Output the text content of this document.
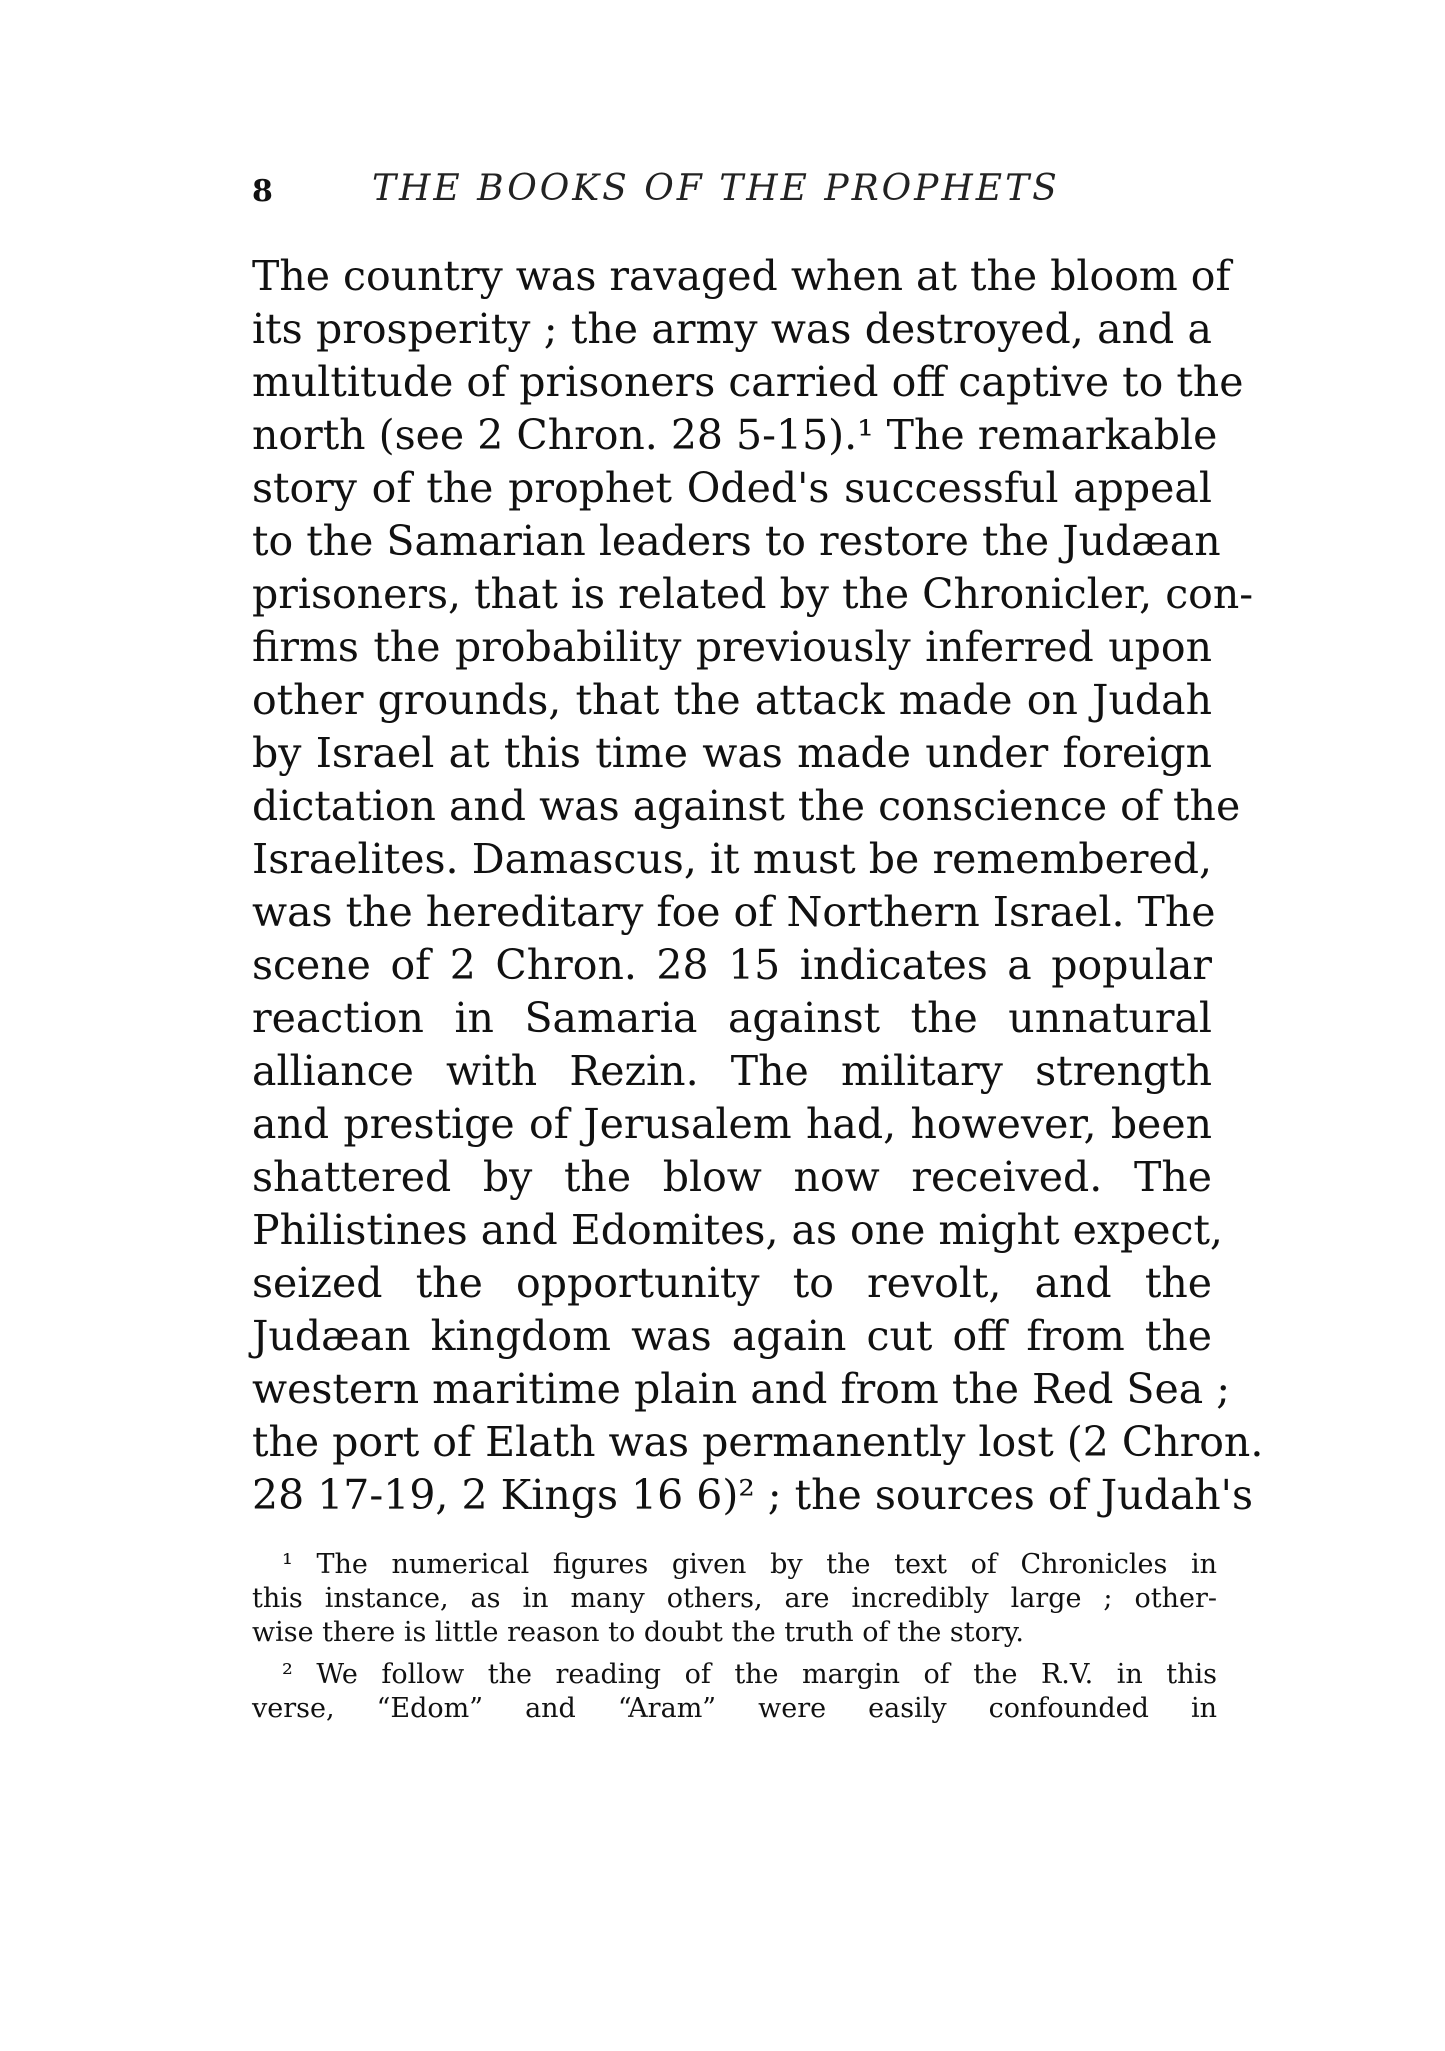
8	THE BOOKS OF THE PROPHETS
The country was ravaged when at the bloom of
its prosperity ; the army was destroyed, and a
multitude of prisoners carried off captive to the
north (see 2 Chron. 28 5-15).¹ The remarkable
story of the prophet Oded's successful appeal
to the Samarian leaders to restore the Judæan
prisoners, that is related by the Chronicler, con-
firms the probability previously inferred upon
other grounds, that the attack made on Judah
by Israel at this time was made under foreign
dictation and was against the conscience of the
Israelites. Damascus, it must be remembered,
was the hereditary foe of Northern Israel. The
scene of 2 Chron. 28 15 indicates a popular
reaction in Samaria against the unnatural
alliance with Rezin. The military strength
and prestige of Jerusalem had, however, been
shattered by the blow now received. The
Philistines and Edomites, as one might expect,
seized the opportunity to revolt, and the
Judæan kingdom was again cut off from the
western maritime plain and from the Red Sea ;
the port of Elath was permanently lost (2 Chron.
28 17-19, 2 Kings 16 6)² ; the sources of Judah's
¹ The numerical figures given by the text of Chronicles in
this instance, as in many others, are incredibly large ; other-
wise there is little reason to doubt the truth of the story.
² We follow the reading of the margin of the R.V. in this
verse, “Edom” and “Aram” were easily confounded in
